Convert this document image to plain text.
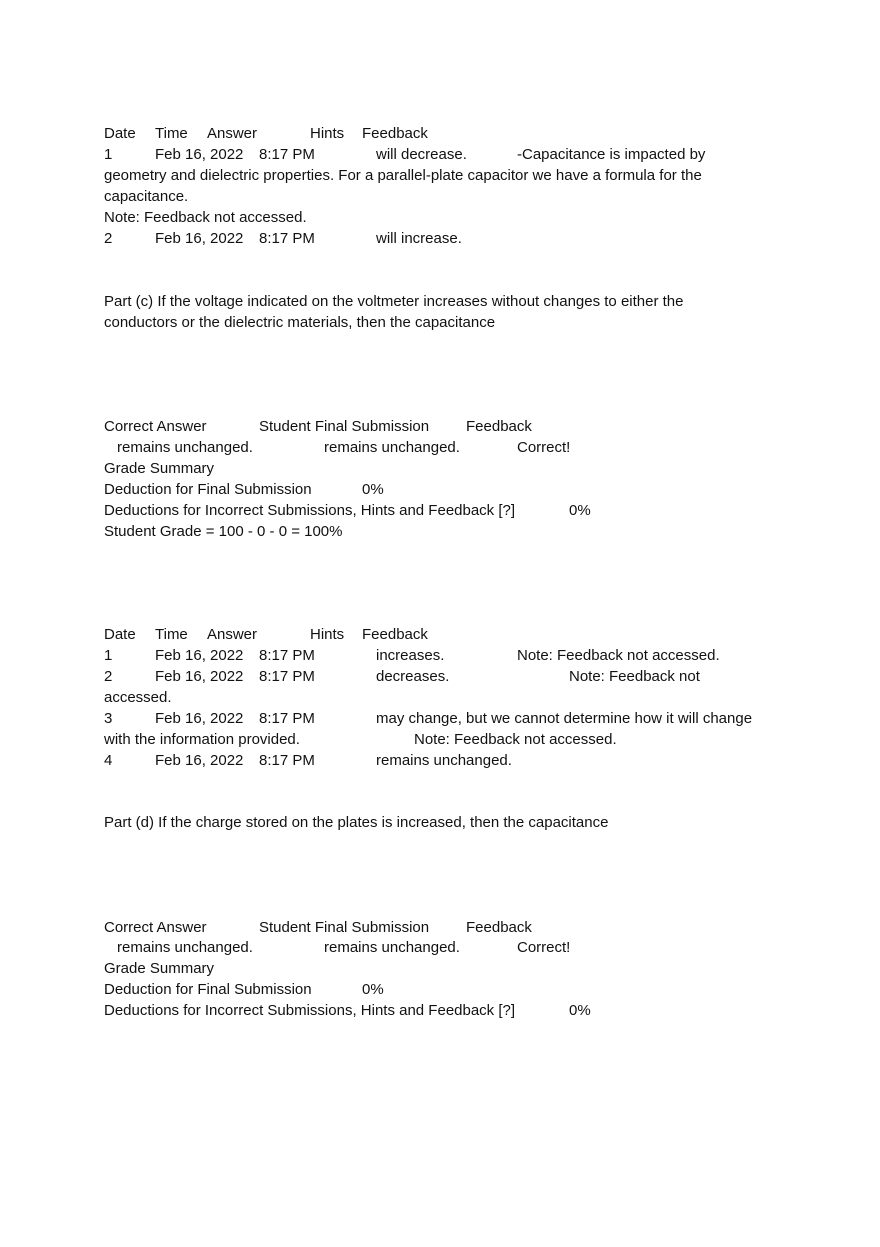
Date Time Answer	Hints Feedback
1	Feb 16, 2022 8:17 PM	will decrease.	-Capacitance is impacted by
geometry and dielectric properties. For a parallel-plate capacitor we have a formula for the
capacitance.
Note: Feedback not accessed.
2	Feb 16, 2022 8:17 PM	will increase.
Part (c) If the voltage indicated on the voltmeter increases without changes to either the
conductors or the dielectric materials, then the capacitance
Correct Answer	Student Final Submission Feedback
remains unchanged.	remains unchanged.	Correct!
Grade Summary
Deduction for Final Submission	0%
Deductions for Incorrect Submissions, Hints and Feedback [?]	0%
Student Grade = 100 - 0 - 0 = 100%
Date Time Answer	Hints Feedback
1	Feb 16, 2022 8:17 PM	increases.	Note: Feedback not accessed.
2	Feb 16, 2022 8:17 PM	decreases.	Note: Feedback not
accessed.
3	Feb 16, 2022 8:17 PM	may change, but we cannot determine how it will change
with the information provided.	Note: Feedback not accessed.
4	Feb 16, 2022 8:17 PM	remains unchanged.
Part (d) If the charge stored on the plates is increased, then the capacitance
Correct Answer	Student Final Submission Feedback
remains unchanged.	remains unchanged.	Correct!
Grade Summary
Deduction for Final Submission	0%
Deductions for Incorrect Submissions, Hints and Feedback [?]	0%
